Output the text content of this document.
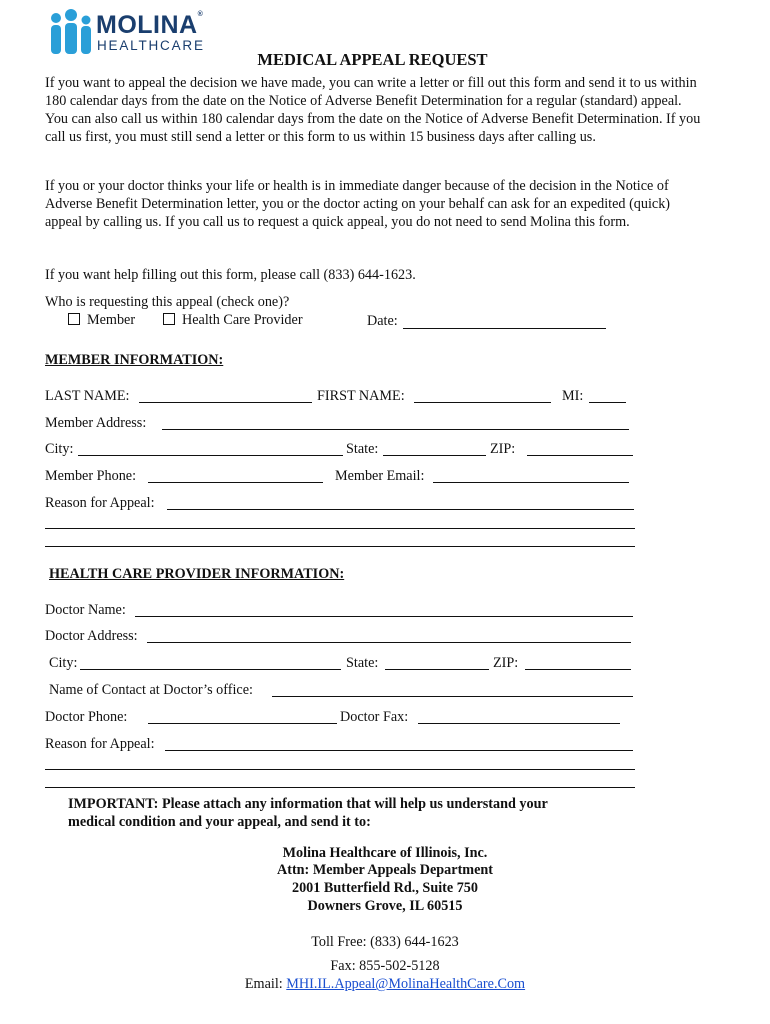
MOLINA®
HEALTHCARE
MEDICAL APPEAL REQUEST

If you want to appeal the decision we have made, you can write a letter or fill out this form and send it to us within 180 calendar days from the date on the Notice of Adverse Benefit Determination for a regular (standard) appeal. You can also call us within 180 calendar days from the date on the Notice of Adverse Benefit Determination. If you call us first, you must still send a letter or this form to us within 15 business days after calling us.

If you or your doctor thinks your life or health is in immediate danger because of the decision in the Notice of Adverse Benefit Determination letter, you or the doctor acting on your behalf can ask for an expedited (quick) appeal by calling us. If you call us to request a quick appeal, you do not need to send Molina this form.

If you want help filling out this form, please call (833) 644-1623.

Who is requesting this appeal (check one)?
Member	Health Care Provider	Date:
MEMBER INFORMATION:
LAST NAME:	FIRST NAME:	MI:
Member Address:
City:	State:	ZIP:
Member Phone:	Member Email:
Reason for Appeal:
HEALTH CARE PROVIDER INFORMATION:
Doctor Name:
Doctor Address:
City:	State:	ZIP:
Name of Contact at Doctor’s office:
Doctor Phone:	Doctor Fax:
Reason for Appeal:
IMPORTANT: Please attach any information that will help us understand your
medical condition and your appeal, and send it to:
Molina Healthcare of Illinois, Inc.
Attn: Member Appeals Department
2001 Butterfield Rd., Suite 750
Downers Grove, IL 60515
Toll Free: (833) 644-1623
Fax: 855-502-5128
Email: MHI.IL.Appeal@MolinaHealthCare.Com
